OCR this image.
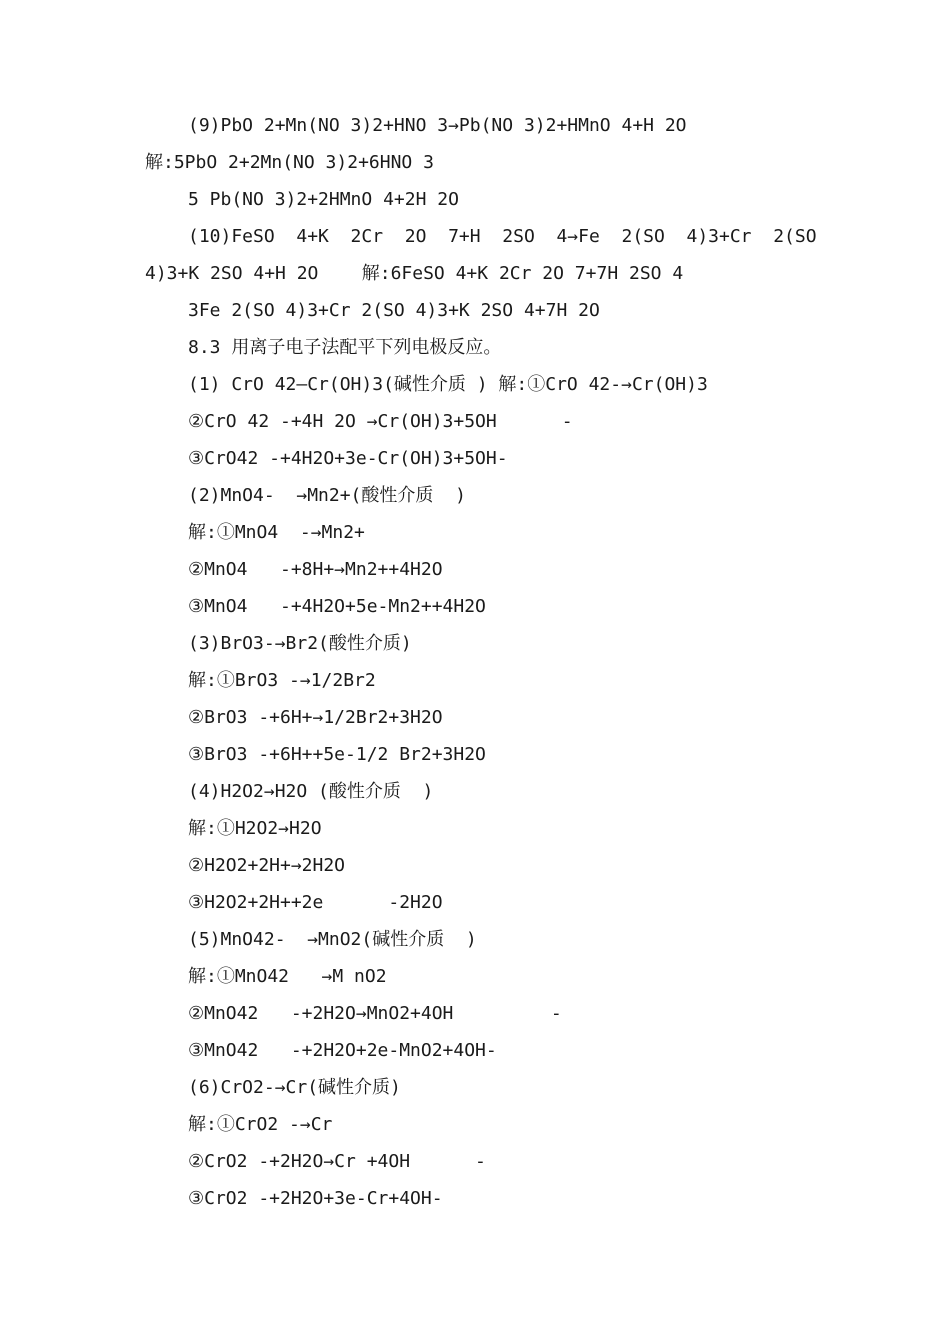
(9)PbO 2+Mn(NO 3)2+HNO 3→Pb(NO 3)2+HMnO 4+H 2O
解:5PbO 2+2Mn(NO 3)2+6HNO 3
5 Pb(NO 3)2+2HMnO 4+2H 2O
(10)FeSO  4+K  2Cr  2O  7+H  2SO  4→Fe  2(SO  4)3+Cr  2(SO
4)3+K 2SO 4+H 2O    解:6FeSO 4+K 2Cr 2O 7+7H 2SO 4
3Fe 2(SO 4)3+Cr 2(SO 4)3+K 2SO 4+7H 2O
8.3 用离子电子法配平下列电极反应。
(1) CrO 42—Cr(OH)3(碱性介质 ) 解:①CrO 42-→Cr(OH)3
②CrO 42 -+4H 2O →Cr(OH)3+5OH      -
③CrO42 -+4H2O+3e-Cr(OH)3+5OH-
(2)MnO4-  →Mn2+(酸性介质  )
解:①MnO4  -→Mn2+
②MnO4   -+8H+→Mn2++4H2O
③MnO4   -+4H2O+5e-Mn2++4H2O
(3)BrO3-→Br2(酸性介质)
解:①BrO3 -→1/2Br2
②BrO3 -+6H+→1/2Br2+3H2O
③BrO3 -+6H++5e-1/2 Br2+3H2O
(4)H2O2→H2O (酸性介质  )
解:①H2O2→H2O
②H2O2+2H+→2H2O
③H2O2+2H++2e      -2H2O
(5)MnO42-  →MnO2(碱性介质  )
解:①MnO42   →M nO2
②MnO42   -+2H2O→MnO2+4OH         -
③MnO42   -+2H2O+2e-MnO2+4OH-
(6)CrO2-→Cr(碱性介质)
解:①CrO2 -→Cr
②CrO2 -+2H2O→Cr +4OH      -
③CrO2 -+2H2O+3e-Cr+4OH-
